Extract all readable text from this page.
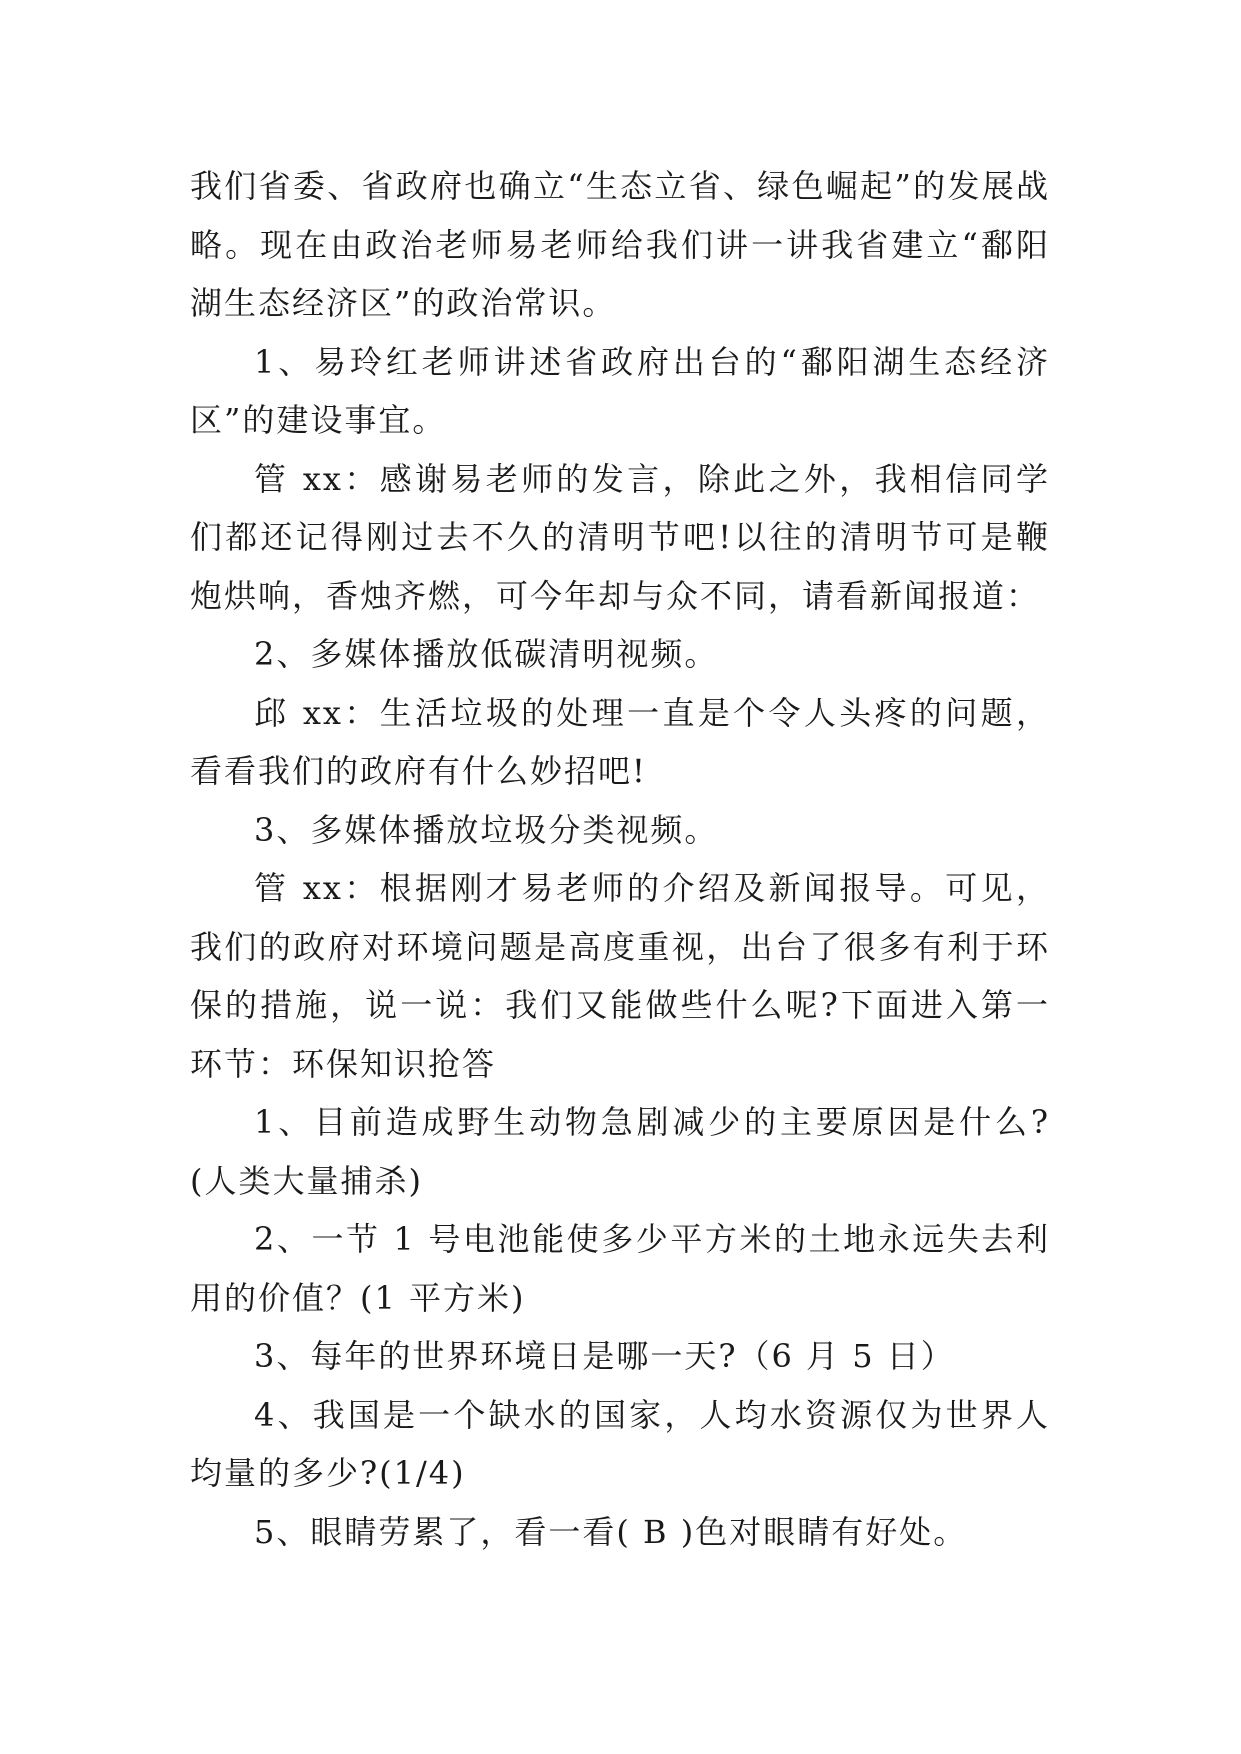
我们省委、省政府也确立“生态立省、绿色崛起”的发展战略。现在由政治老师易老师给我们讲一讲我省建立“鄱阳湖生态经济区”的政治常识。

1、易玲红老师讲述省政府出台的“鄱阳湖生态经济区”的建设事宜。

管 xx：感谢易老师的发言，除此之外，我相信同学们都还记得刚过去不久的清明节吧!以往的清明节可是鞭炮烘响，香烛齐燃，可今年却与众不同，请看新闻报道：

2、多媒体播放低碳清明视频。

邱 xx：生活垃圾的处理一直是个令人头疼的问题，看看我们的政府有什么妙招吧!

3、多媒体播放垃圾分类视频。

管 xx：根据刚才易老师的介绍及新闻报导。可见，我们的政府对环境问题是高度重视，出台了很多有利于环保的措施，说一说：我们又能做些什么呢?下面进入第一环节：环保知识抢答

1、目前造成野生动物急剧减少的主要原因是什么?(人类大量捕杀)

2、一节 1 号电池能使多少平方米的土地永远失去利用的价值？(1 平方米)

3、每年的世界环境日是哪一天?（6 月 5 日）

4、我国是一个缺水的国家，人均水资源仅为世界人均量的多少?(1/4)

5、眼睛劳累了，看一看( B )色对眼睛有好处。
